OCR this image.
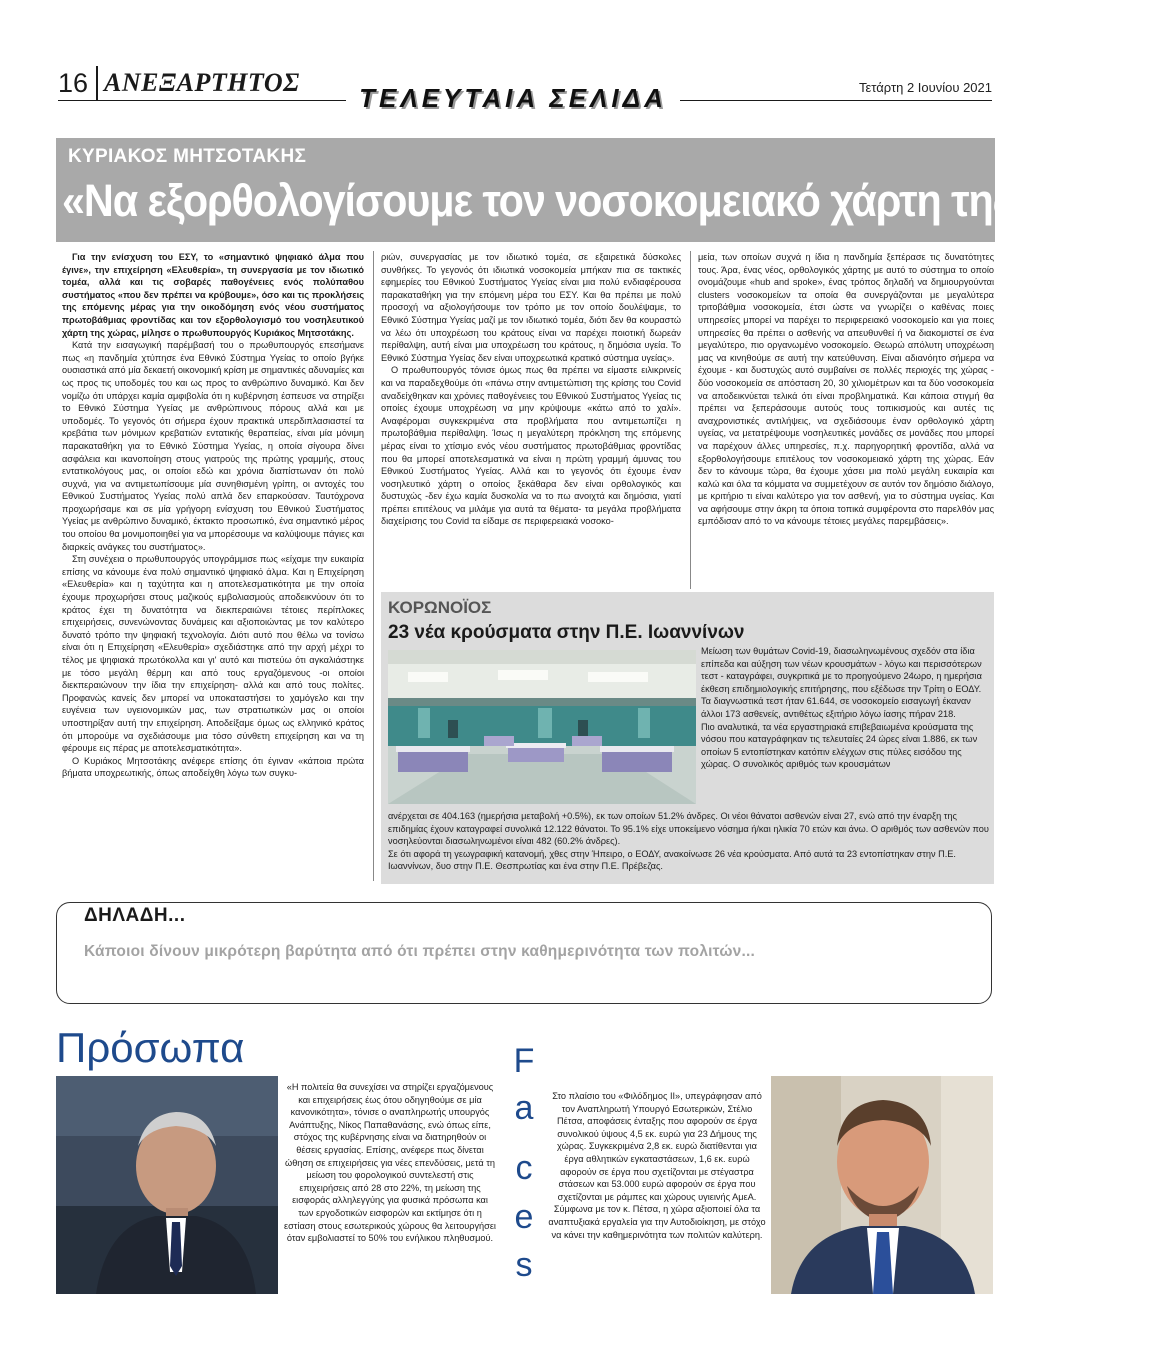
16 ΑΝΕΞΑΡΤΗΤΟΣ
ΤΕΛΕΥΤΑΙΑ ΣΕΛΙΔΑ	Τετάρτη 2 Ιουνίου 2021
ΚΥΡΙΑΚΟΣ ΜΗΤΣΟΤΑΚΗΣ
«Να εξορθολογίσουμε τον νοσοκομειακό χάρτη της χώρας»

Για την ενίσχυση του ΕΣΥ, το «σημαντικό ψηφιακό άλμα που έγινε», την επιχείρηση «Ελευθερία», τη συνεργασία με τον ιδιωτικό τομέα, αλλά και τις σοβαρές παθογένειες ενός πολύπαθου συστήματος «που δεν πρέπει να κρύβουμε», όσο και τις προκλήσεις της επόμενης μέρας για την οικοδόμηση ενός νέου συστήματος πρωτοβάθμιας φροντίδας και τον εξορθολογισμό του νοσηλευτικού χάρτη της χώρας, μίλησε ο πρωθυπουργός Κυριάκος Μητσοτάκης.

Κατά την εισαγωγική παρέμβασή του ο πρωθυπουργός επεσήμανε πως «η πανδημία χτύπησε ένα Εθνικό Σύστημα Υγείας το οποίο βγήκε ουσιαστικά από μία δεκαετή οικονομική κρίση με σημαντικές αδυναμίες και ως προς τις υποδομές του και ως προς το ανθρώπινο δυναμικό. Και δεν νομίζω ότι υπάρχει καμία αμφιβολία ότι η κυβέρνηση έσπευσε να στηρίξει το Εθνικό Σύστημα Υγείας με ανθρώπινους πόρους αλλά και με υποδομές. Το γεγονός ότι σήμερα έχουν πρακτικά υπερδιπλασιαστεί τα κρεβάτια των μόνιμων κρεβατιών εντατικής θεραπείας, είναι μία μόνιμη παρακαταθήκη για το Εθνικό Σύστημα Υγείας, η οποία σίγουρα δίνει ασφάλεια και ικανοποίηση στους γιατρούς της πρώτης γραμμής, στους εντατικολόγους μας, οι οποίοι εδώ και χρόνια διαπίστωναν ότι πολύ συχνά, για να αντιμετωπίσουμε μία συνηθισμένη γρίπη, οι αντοχές του Εθνικού Συστήματος Υγείας πολύ απλά δεν επαρκούσαν. Ταυτόχρονα προχωρήσαμε και σε μία γρήγορη ενίσχυση του Εθνικού Συστήματος Υγείας με ανθρώπινο δυναμικό, έκτακτο προσωπικό, ένα σημαντικό μέρος του οποίου θα μονιμοποιηθεί για να μπορέσουμε να καλύψουμε πάγιες και διαρκείς ανάγκες του συστήματος».

Στη συνέχεια ο πρωθυπουργός υπογράμμισε πως «είχαμε την ευκαιρία επίσης να κάνουμε ένα πολύ σημαντικό ψηφιακό άλμα. Και η Επιχείρηση «Ελευθερία» και η ταχύτητα και η αποτελεσματικότητα με την οποία έχουμε προχωρήσει στους μαζικούς εμβολιασμούς αποδεικνύουν ότι το κράτος έχει τη δυνατότητα να διεκπεραιώνει τέτοιες περίπλοκες επιχειρήσεις, συνενώνοντας δυνάμεις και αξιοποιώντας με τον καλύτερο δυνατό τρόπο την ψηφιακή τεχνολογία. Διότι αυτό που θέλω να τονίσω είναι ότι η Επιχείρηση «Ελευθερία» σχεδιάστηκε από την αρχή μέχρι το τέλος με ψηφιακά πρωτόκολλα και γι' αυτό και πιστεύω ότι αγκαλιάστηκε με τόσο μεγάλη θέρμη και από τους εργαζόμενους -οι οποίοι διεκπεραιώνουν την ίδια την επιχείρηση- αλλά και από τους πολίτες. Προφανώς κανείς δεν μπορεί να υποκαταστήσει το χαμόγελο και την ευγένεια των υγειονομικών μας, των στρατιωτικών μας οι οποίοι υποστηρίξαν αυτή την επιχείρηση. Αποδείξαμε όμως ως ελληνικό κράτος ότι μπορούμε να σχεδιάσουμε μια τόσο σύνθετη επιχείρηση και να τη φέρουμε εις πέρας με αποτελεσματικότητα».

Ο Κυριάκος Μητσοτάκης ανέφερε επίσης ότι έγιναν «κάποια πρώτα βήματα υποχρεωτικής, όπως αποδείχθη λόγω των συγκυ-

ριών, συνεργασίας με τον ιδιωτικό τομέα, σε εξαιρετικά δύσκολες συνθήκες. Το γεγονός ότι ιδιωτικά νοσοκομεία μπήκαν πια σε τακτικές εφημερίες του Εθνικού Συστήματος Υγείας είναι μια πολύ ενδιαφέρουσα παρακαταθήκη για την επόμενη μέρα του ΕΣΥ. Και θα πρέπει με πολύ προσοχή να αξιολογήσουμε τον τρόπο με τον οποίο δουλέψαμε, το Εθνικό Σύστημα Υγείας μαζί με τον ιδιωτικό τομέα, διότι δεν θα κουραστώ να λέω ότι υποχρέωση του κράτους είναι να παρέχει ποιοτική δωρεάν περίθαλψη, αυτή είναι μια υποχρέωση του κράτους, η δημόσια υγεία. Το Εθνικό Σύστημα Υγείας δεν είναι υποχρεωτικά κρατικό σύστημα υγείας».

Ο πρωθυπουργός τόνισε όμως πως θα πρέπει να είμαστε ειλικρινείς και να παραδεχθούμε ότι «πάνω στην αντιμετώπιση της κρίσης του Covid αναδείχθηκαν και χρόνιες παθογένειες του Εθνικού Συστήματος Υγείας τις οποίες έχουμε υποχρέωση να μην κρύψουμε «κάτω από το χαλί». Αναφέρομαι συγκεκριμένα στα προβλήματα που αντιμετωπίζει η πρωτοβάθμια περίθαλψη. Ίσως η μεγαλύτερη πρόκληση της επόμενης μέρας είναι το χτίσιμο ενός νέου συστήματος πρωτοβάθμιας φροντίδας που θα μπορεί αποτελεσματικά να είναι η πρώτη γραμμή άμυνας του Εθνικού Συστήματος Υγείας. Αλλά και το γεγονός ότι έχουμε έναν νοσηλευτικό χάρτη ο οποίος ξεκάθαρα δεν είναι ορθολογικός και δυστυχώς -δεν έχω καμία δυσκολία να το πω ανοιχτά και δημόσια, γιατί πρέπει επιτέλους να μιλάμε για αυτά τα θέματα- τα μεγάλα προβλήματα διαχείρισης του Covid τα είδαμε σε περιφερειακά νοσοκο-

μεία, των οποίων συχνά η ίδια η πανδημία ξεπέρασε τις δυνατότητες τους. Άρα, ένας νέος, ορθολογικός χάρτης με αυτό το σύστημα το οποίο ονομάζουμε «hub and spoke», ένας τρόπος δηλαδή να δημιουργούνται clusters νοσοκομείων τα οποία θα συνεργάζονται με μεγαλύτερα τριτοβάθμια νοσοκομεία, έτσι ώστε να γνωρίζει ο καθένας ποιες υπηρεσίες μπορεί να παρέχει το περιφερειακό νοσοκομείο και για ποιες υπηρεσίες θα πρέπει ο ασθενής να απευθυνθεί ή να διακομιστεί σε ένα μεγαλύτερο, πιο οργανωμένο νοσοκομείο. Θεωρώ απόλυτη υποχρέωση μας να κινηθούμε σε αυτή την κατεύθυνση. Είναι αδιανόητο σήμερα να έχουμε - και δυστυχώς αυτό συμβαίνει σε πολλές περιοχές της χώρας - δύο νοσοκομεία σε απόσταση 20, 30 χιλιομέτρων και τα δύο νοσοκομεία να αποδεικνύεται τελικά ότι είναι προβληματικά. Και κάποια στιγμή θα πρέπει να ξεπεράσουμε αυτούς τους τοπικισμούς και αυτές τις αναχρονιστικές αντιλήψεις, να σχεδιάσουμε έναν ορθολογικό χάρτη υγείας, να μετατρέψουμε νοσηλευτικές μονάδες σε μονάδες που μπορεί να παρέχουν άλλες υπηρεσίες, π.χ. παρηγορητική φροντίδα, αλλά να εξορθολογήσουμε επιτέλους τον νοσοκομειακό χάρτη της χώρας. Εάν δεν το κάνουμε τώρα, θα έχουμε χάσει μια πολύ μεγάλη ευκαιρία και καλώ και όλα τα κόμματα να συμμετέχουν σε αυτόν τον δημόσιο διάλογο, με κριτήριο τι είναι καλύτερο για τον ασθενή, για το σύστημα υγείας. Και να αφήσουμε στην άκρη τα όποια τοπικά συμφέροντα στο παρελθόν μας εμπόδισαν από το να κάνουμε τέτοιες μεγάλες παρεμβάσεις».

ΚΟΡΩΝΟΪΟΣ
23 νέα κρούσματα στην Π.Ε. Ιωαννίνων

Μείωση των θυμάτων Covid-19, διασωληνωμένους σχεδόν στα ίδια επίπεδα και αύξηση των νέων κρουσμάτων - λόγω και περισσότερων τεστ - καταγράφει, συγκριτικά με το προηγούμενο 24ωρο, η ημερήσια έκθεση επιδημιολογικής επιτήρησης, που εξέδωσε την Τρίτη ο ΕΟΔΥ.

Τα διαγνωστικά τεστ ήταν 61.644, σε νοσοκομείο εισαγωγή έκαναν άλλοι 173 ασθενείς, αντιθέτως εξιτήριο λόγω ίασης πήραν 218.

Πιο αναλυτικά, τα νέα εργαστηριακά επιβεβαιωμένα κρούσματα της νόσου που καταγράφηκαν τις τελευταίες 24 ώρες είναι 1.886, εκ των οποίων 5 εντοπίστηκαν κατόπιν ελέγχων στις πύλες εισόδου της χώρας. Ο συνολικός αριθμός των κρουσμάτων

ανέρχεται σε 404.163 (ημερήσια μεταβολή +0.5%), εκ των οποίων 51.2% άνδρες. Οι νέοι θάνατοι ασθενών είναι 27, ενώ από την έναρξη της επιδημίας έχουν καταγραφεί συνολικά 12.122 θάνατοι. Το 95.1% είχε υποκείμενο νόσημα ή/και ηλικία 70 ετών και άνω. Ο αριθμός των ασθενών που νοσηλεύονται διασωληνωμένοι είναι 482 (60.2% άνδρες).

Σε ότι αφορά τη γεωγραφική κατανομή, χθες στην Ήπειρο, ο ΕΟΔΥ, ανακοίνωσε 26 νέα κρούσματα. Από αυτά τα 23 εντοπίστηκαν στην Π.Ε. Ιωαννίνων, δυο στην Π.Ε. Θεσπρωτίας και ένα στην Π.Ε. Πρέβεζας.

ΔΗΛΑΔΗ...
Κάποιοι δίνουν μικρότερη βαρύτητα από ότι πρέπει στην καθημερινότητα των πολιτών...
Πρόσωπα	F
a
c
e
s
«Η πολιτεία θα συνεχίσει να στηρίζει εργαζόμενους και επιχειρήσεις έως ότου οδηγηθούμε σε μία κανονικότητα», τόνισε ο αναπληρωτής υπουργός Ανάπτυξης, Νίκος Παπαθανάσης, ενώ όπως είπε, στόχος της κυβέρνησης είναι να διατηρηθούν οι θέσεις εργασίας. Επίσης, ανέφερε πως δίνεται ώθηση σε επιχειρήσεις για νέες επενδύσεις, μετά τη μείωση του φορολογικού συντελεστή στις επιχειρήσεις από 28 στο 22%, τη μείωση της εισφοράς αλληλεγγύης για φυσικά πρόσωπα και των εργοδοτικών εισφορών και εκτίμησε ότι η εστίαση στους εσωτερικούς χώρους θα λειτουργήσει όταν εμβολιαστεί το 50% του ενήλικου πληθυσμού.
Στο πλαίσιο του «Φιλόδημος ΙΙ», υπεγράφησαν από τον Αναπληρωτή Υπουργό Εσωτερικών, Στέλιο Πέτσα, αποφάσεις ένταξης που αφορούν σε έργα συνολικού ύψους 4,5 εκ. ευρώ για 23 Δήμους της χώρας. Συγκεκριμένα 2,8 εκ. ευρώ διατίθενται για έργα αθλητικών εγκαταστάσεων, 1,6 εκ. ευρώ αφορούν σε έργα που σχετίζονται με στέγαστρα στάσεων και 53.000 ευρώ αφορούν σε έργα που σχετίζονται με ράμπες και χώρους υγιεινής ΑμεΑ. Σύμφωνα με τον κ. Πέτσα, η χώρα αξιοποιεί όλα τα αναπτυξιακά εργαλεία για την Αυτοδιοίκηση, με στόχο να κάνει την καθημερινότητα των πολιτών καλύτερη.
